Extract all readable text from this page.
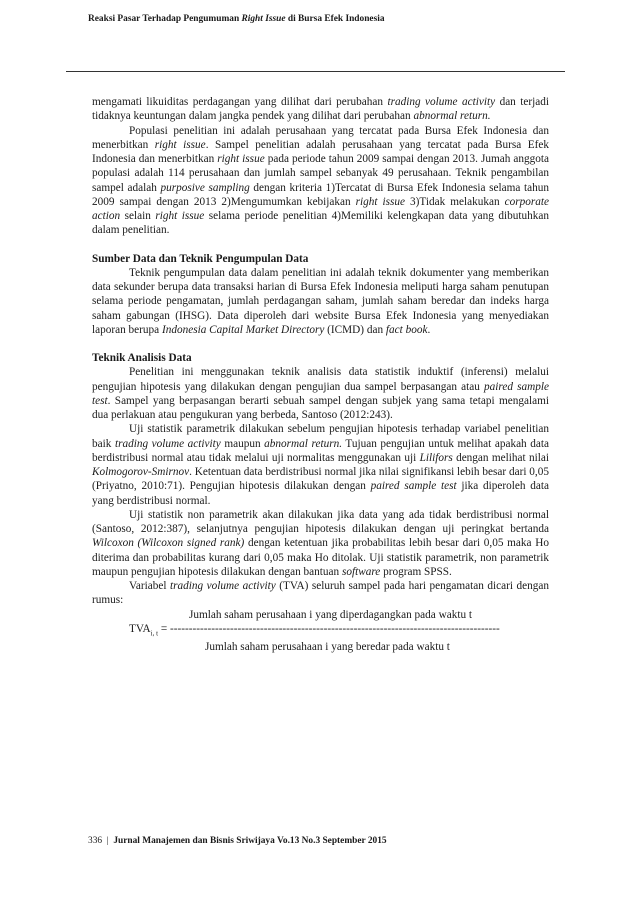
Reaksi Pasar Terhadap Pengumuman Right Issue di Bursa Efek Indonesia

mengamati likuiditas perdagangan yang dilihat dari perubahan trading volume activity dan terjadi tidaknya keuntungan dalam jangka pendek yang dilihat dari perubahan abnormal return.

Populasi penelitian ini adalah perusahaan yang tercatat pada Bursa Efek Indonesia dan menerbitkan right issue. Sampel penelitian adalah perusahaan yang tercatat pada Bursa Efek Indonesia dan menerbitkan right issue pada periode tahun 2009 sampai dengan 2013. Jumah anggota populasi adalah 114 perusahaan dan jumlah sampel sebanyak 49 perusahaan. Teknik pengambilan sampel adalah purposive sampling dengan kriteria 1)Tercatat di Bursa Efek Indonesia selama tahun 2009 sampai dengan 2013 2)Mengumumkan kebijakan right issue 3)Tidak melakukan corporate action selain right issue selama periode penelitian 4)Memiliki kelengkapan data yang dibutuhkan dalam penelitian.

Sumber Data dan Teknik Pengumpulan Data

Teknik pengumpulan data dalam penelitian ini adalah teknik dokumenter yang memberikan data sekunder berupa data transaksi harian di Bursa Efek Indonesia meliputi harga saham penutupan selama periode pengamatan, jumlah perdagangan saham, jumlah saham beredar dan indeks harga saham gabungan (IHSG). Data diperoleh dari website Bursa Efek Indonesia yang menyediakan laporan berupa Indonesia Capital Market Directory (ICMD) dan fact book.

Teknik Analisis Data

Penelitian ini menggunakan teknik analisis data statistik induktif (inferensi) melalui pengujian hipotesis yang dilakukan dengan pengujian dua sampel berpasangan atau paired sample test. Sampel yang berpasangan berarti sebuah sampel dengan subjek yang sama tetapi mengalami dua perlakuan atau pengukuran yang berbeda, Santoso (2012:243).

Uji statistik parametrik dilakukan sebelum pengujian hipotesis terhadap variabel penelitian baik trading volume activity maupun abnormal return. Tujuan pengujian untuk melihat apakah data berdistribusi normal atau tidak melalui uji normalitas menggunakan uji Lilifors dengan melihat nilai Kolmogorov-Smirnov. Ketentuan data berdistribusi normal jika nilai signifikansi lebih besar dari 0,05 (Priyatno, 2010:71). Pengujian hipotesis dilakukan dengan paired sample test jika diperoleh data yang berdistribusi normal.

Uji statistik non parametrik akan dilakukan jika data yang ada tidak berdistribusi normal (Santoso, 2012:387), selanjutnya pengujian hipotesis dilakukan dengan uji peringkat bertanda Wilcoxon (Wilcoxon signed rank) dengan ketentuan jika probabilitas lebih besar dari 0,05 maka Ho diterima dan probabilitas kurang dari 0,05 maka Ho ditolak. Uji statistik parametrik, non parametrik maupun pengujian hipotesis dilakukan dengan bantuan software program SPSS.

Variabel trading volume activity (TVA) seluruh sampel pada hari pengamatan dicari dengan rumus:

Jumlah saham perusahaan i yang diperdagangkan pada waktu t

$TVA_{i, t}$ = ----------------------------------------------------------------------------------------

Jumlah saham perusahaan i yang beredar pada waktu t

336  |  Jurnal Manajemen dan Bisnis Sriwijaya Vo.13 No.3 September 2015
